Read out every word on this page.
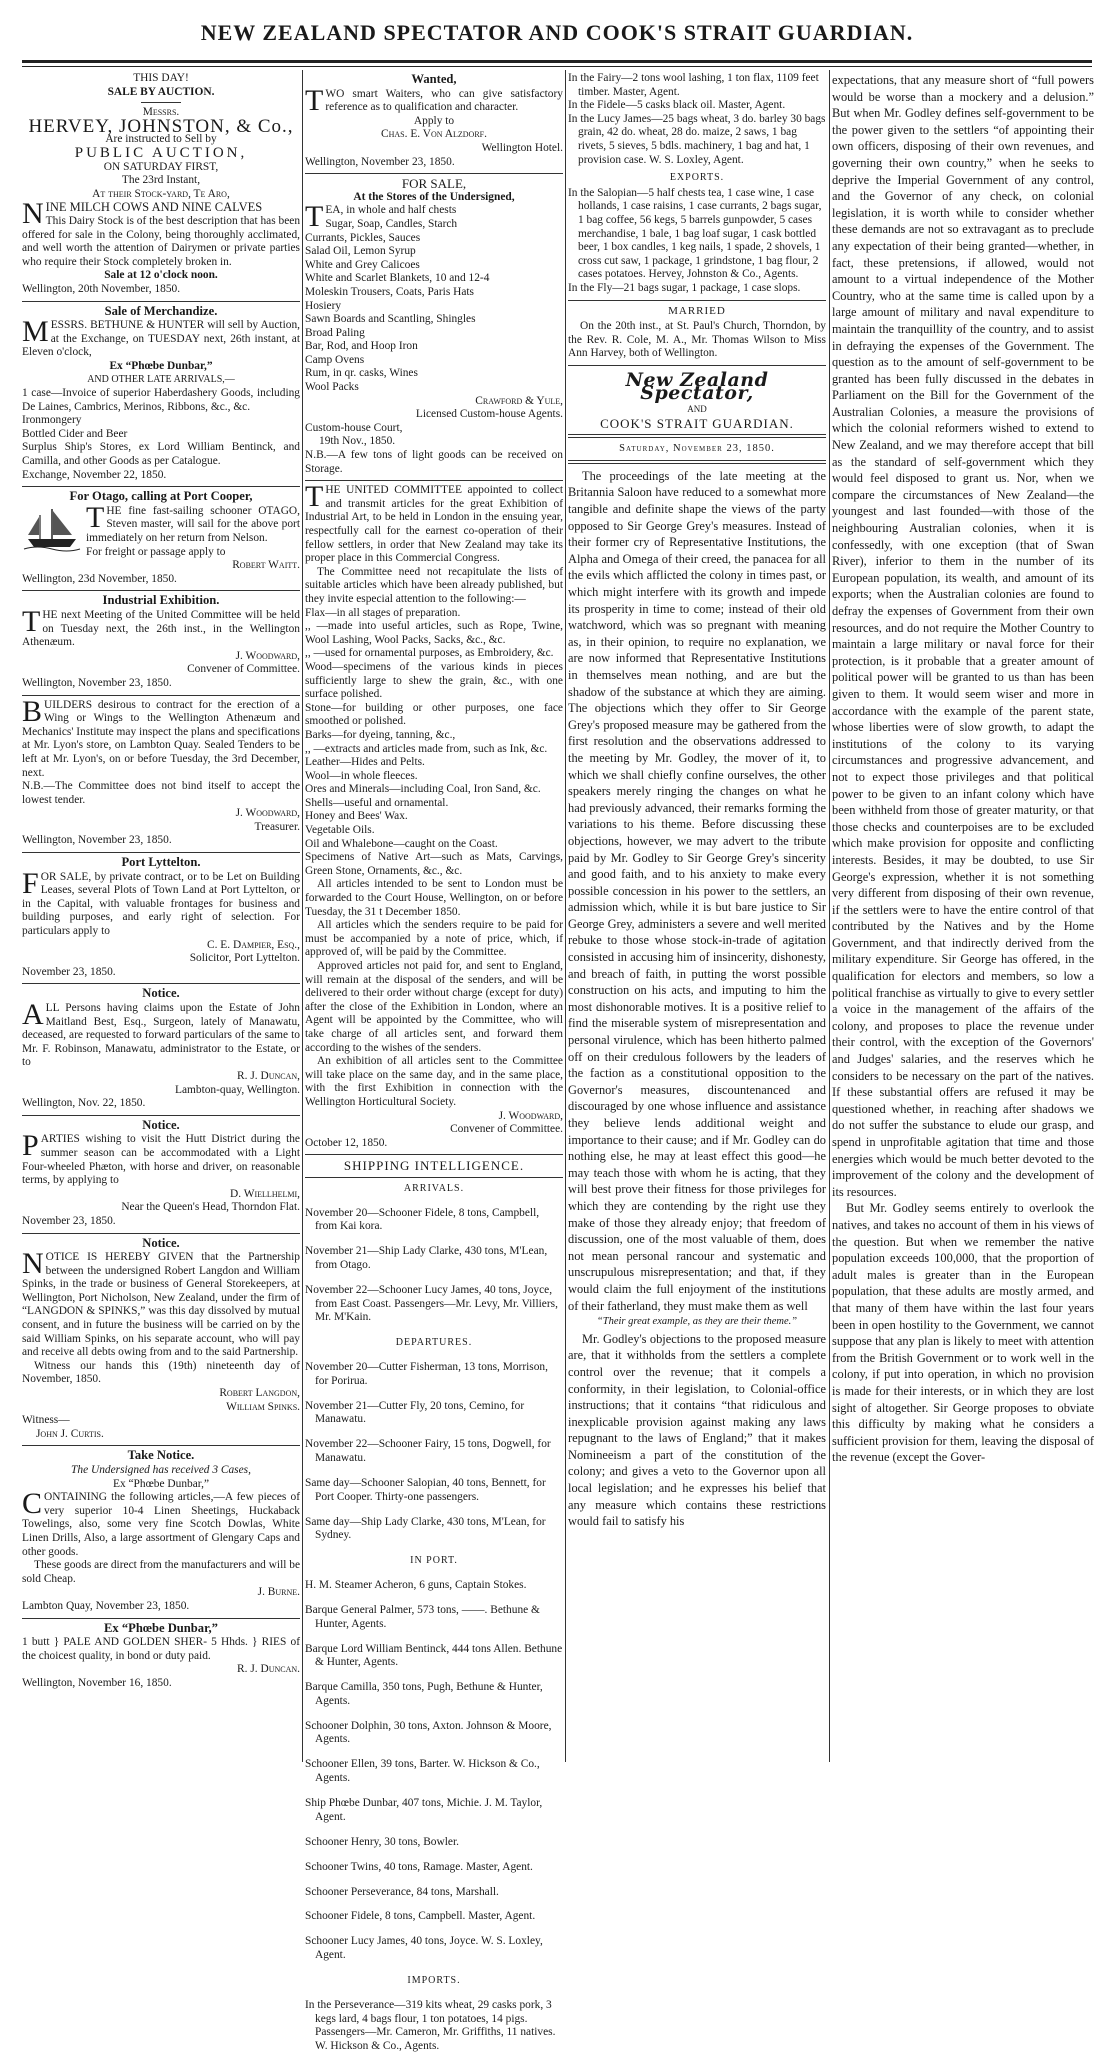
NEW ZEALAND SPECTATOR AND COOK'S STRAIT GUARDIAN.
THIS DAY!
SALE BY AUCTION.
Messrs.
HERVEY, JOHNSTON, & Co.,
Are instructed to Sell by
PUBLIC AUCTION,
ON SATURDAY FIRST,
The 23rd Instant,
At their Stock-yard, Te Aro,

NINE MILCH COWS AND NINE CALVES

This Dairy Stock is of the best description that has been offered for sale in the Colony, being thoroughly acclimated, and well worth the attention of Dairymen or private parties who require their Stock completely broken in.

Sale at 12 o'clock noon.
Wellington, 20th November, 1850.
Sale of Merchandize.

MESSRS. BETHUNE & HUNTER will sell by Auction, at the Exchange, on TUESDAY next, 26th instant, at Eleven o'clock,

Ex “Phœbe Dunbar,”
AND OTHER LATE ARRIVALS,—

1 case—Invoice of superior Haberdashery Goods, including De Laines, Cambrics, Merinos, Ribbons, &c., &c.

Ironmongery

Bottled Cider and Beer

Surplus Ship's Stores, ex Lord William Bentinck, and Camilla, and other Goods as per Catalogue.

Exchange, November 22, 1850.
For Otago, calling at Port Cooper,

THE fine fast-sailing schooner OTAGO, Steven master, will sail for the above port immediately on her return from Nelson.

For freight or passage apply to

Robert Waitt.
Wellington, 23d November, 1850.
Industrial Exhibition.

THE next Meeting of the United Committee will be held on Tuesday next, the 26th inst., in the Wellington Athenæum.

J. Woodward,
Convener of Committee.
Wellington, November 23, 1850.

BUILDERS desirous to contract for the erection of a Wing or Wings to the Wellington Athenæum and Mechanics' Institute may inspect the plans and specifications at Mr. Lyon's store, on Lambton Quay. Sealed Tenders to be left at Mr. Lyon's, on or before Tuesday, the 3rd December, next.

N.B.—The Committee does not bind itself to accept the lowest tender.

J. Woodward,
Treasurer.
Wellington, November 23, 1850.
Port Lyttelton.

FOR SALE, by private contract, or to be Let on Building Leases, several Plots of Town Land at Port Lyttelton, or in the Capital, with valuable frontages for business and building purposes, and early right of selection. For particulars apply to

C. E. Dampier, Esq.,
Solicitor, Port Lyttelton.
November 23, 1850.
Notice.

ALL Persons having claims upon the Estate of John Maitland Best, Esq., Surgeon, lately of Manawatu, deceased, are requested to forward particulars of the same to Mr. F. Robinson, Manawatu, administrator to the Estate, or to

R. J. Duncan,
Lambton-quay, Wellington.
Wellington, Nov. 22, 1850.
Notice.

PARTIES wishing to visit the Hutt District during the summer season can be accommodated with a Light Four-wheeled Phæton, with horse and driver, on reasonable terms, by applying to

D. Wiellhelmi,
Near the Queen's Head, Thorndon Flat.
November 23, 1850.
Notice.

NOTICE IS HEREBY GIVEN that the Partnership between the undersigned Robert Langdon and William Spinks, in the trade or business of General Storekeepers, at Wellington, Port Nicholson, New Zealand, under the firm of “LANGDON & SPINKS,” was this day dissolved by mutual consent, and in future the business will be carried on by the said William Spinks, on his separate account, who will pay and receive all debts owing from and to the said Partnership.

Witness our hands this (19th) nineteenth day of November, 1850.

Robert Langdon,
William Spinks.
Witness—
John J. Curtis.
Take Notice.
The Undersigned has received 3 Cases,
Ex “Phœbe Dunbar,”

CONTAINING the following articles,—A few pieces of very superior 10-4 Linen Sheetings, Huckaback Towelings, also, some very fine Scotch Dowlas, White Linen Drills, Also, a large assortment of Glengary Caps and other goods.

These goods are direct from the manufacturers and will be sold Cheap.

J. Burne.
Lambton Quay, November 23, 1850.
Ex “Phœbe Dunbar,”

1 butt } PALE AND GOLDEN SHER- 5 Hhds. } RIES of the choicest quality, in bond or duty paid.

R. J. Duncan.
Wellington, November 16, 1850.
Wanted,

TWO smart Waiters, who can give satisfactory reference as to qualification and character.

Apply to
Chas. E. Von Alzdorf.
Wellington Hotel.
Wellington, November 23, 1850.
FOR SALE,
At the Stores of the Undersigned,

TEA, in whole and half chests

Sugar, Soap, Candles, Starch

Currants, Pickles, Sauces

Salad Oil, Lemon Syrup

White and Grey Calicoes

White and Scarlet Blankets, 10 and 12-4

Moleskin Trousers, Coats, Paris Hats

Hosiery

Sawn Boards and Scantling, Shingles

Broad Paling

Bar, Rod, and Hoop Iron

Camp Ovens

Rum, in qr. casks, Wines

Wool Packs

Crawford & Yule,
Licensed Custom-house Agents.
Custom-house Court,
19th Nov., 1850.

N.B.—A few tons of light goods can be received on Storage.

THE UNITED COMMITTEE appointed to collect and transmit articles for the great Exhibition of Industrial Art, to be held in London in the ensuing year, respectfully call for the earnest co-operation of their fellow settlers, in order that New Zealand may take its proper place in this Commercial Congress.

The Committee need not recapitulate the lists of suitable articles which have been already published, but they invite especial attention to the following:—

Flax—in all stages of preparation.

,, —made into useful articles, such as Rope, Twine, Wool Lashing, Wool Packs, Sacks, &c., &c.

,, —used for ornamental purposes, as Embroidery, &c.

Wood—specimens of the various kinds in pieces sufficiently large to shew the grain, &c., with one surface polished.

Stone—for building or other purposes, one face smoothed or polished.

Barks—for dyeing, tanning, &c.,

,, —extracts and articles made from, such as Ink, &c.

Leather—Hides and Pelts.

Wool—in whole fleeces.

Ores and Minerals—including Coal, Iron Sand, &c.

Shells—useful and ornamental.

Honey and Bees' Wax.

Vegetable Oils.

Oil and Whalebone—caught on the Coast.

Specimens of Native Art—such as Mats, Carvings, Green Stone, Ornaments, &c., &c.

All articles intended to be sent to London must be forwarded to the Court House, Wellington, on or before Tuesday, the 31 t December 1850.

All articles which the senders require to be paid for must be accompanied by a note of price, which, if approved of, will be paid by the Committee.

Approved articles not paid for, and sent to England, will remain at the disposal of the senders, and will be delivered to their order without charge (except for duty) after the close of the Exhibition in London, where an Agent will be appointed by the Committee, who will take charge of all articles sent, and forward them according to the wishes of the senders.

An exhibition of all articles sent to the Committee will take place on the same day, and in the same place, with the first Exhibition in connection with the Wellington Horticultural Society.

J. Woodward,
Convener of Committee.
October 12, 1850.
SHIPPING INTELLIGENCE.
ARRIVALS.

November 20—Schooner Fidele, 8 tons, Campbell, from Kai kora.

November 21—Ship Lady Clarke, 430 tons, M'Lean, from Otago.

November 22—Schooner Lucy James, 40 tons, Joyce, from East Coast. Passengers—Mr. Levy, Mr. Villiers, Mr. M'Kain.

DEPARTURES.

November 20—Cutter Fisherman, 13 tons, Morrison, for Porirua.

November 21—Cutter Fly, 20 tons, Cemino, for Manawatu.

November 22—Schooner Fairy, 15 tons, Dogwell, for Manawatu.

Same day—Schooner Salopian, 40 tons, Bennett, for Port Cooper. Thirty-one passengers.

Same day—Ship Lady Clarke, 430 tons, M'Lean, for Sydney.

IN PORT.

H. M. Steamer Acheron, 6 guns, Captain Stokes.

Barque General Palmer, 573 tons, ——. Bethune & Hunter, Agents.

Barque Lord William Bentinck, 444 tons Allen. Bethune & Hunter, Agents.

Barque Camilla, 350 tons, Pugh, Bethune & Hunter, Agents.

Schooner Dolphin, 30 tons, Axton. Johnson & Moore, Agents.

Schooner Ellen, 39 tons, Barter. W. Hickson & Co., Agents.

Ship Phœbe Dunbar, 407 tons, Michie. J. M. Taylor, Agent.

Schooner Henry, 30 tons, Bowler.

Schooner Twins, 40 tons, Ramage. Master, Agent.

Schooner Perseverance, 84 tons, Marshall.

Schooner Fidele, 8 tons, Campbell. Master, Agent.

Schooner Lucy James, 40 tons, Joyce. W. S. Loxley, Agent.

IMPORTS.

In the Perseverance—319 kits wheat, 29 casks pork, 3 kegs lard, 4 bags flour, 1 ton potatoes, 14 pigs. Passengers—Mr. Cameron, Mr. Griffiths, 11 natives. W. Hickson & Co., Agents.

In the Fairy—2 tons wool lashing, 1 ton flax, 1109 feet timber. Master, Agent.

In the Fidele—5 casks black oil. Master, Agent.

In the Lucy James—25 bags wheat, 3 do. barley 30 bags grain, 42 do. wheat, 28 do. maize, 2 saws, 1 bag rivets, 5 sieves, 5 bdls. machinery, 1 bag and hat, 1 provision case. W. S. Loxley, Agent.

EXPORTS.

In the Salopian—5 half chests tea, 1 case wine, 1 case hollands, 1 case raisins, 1 case currants, 2 bags sugar, 1 bag coffee, 56 kegs, 5 barrels gunpowder, 5 cases merchandise, 1 bale, 1 bag loaf sugar, 1 cask bottled beer, 1 box candles, 1 keg nails, 1 spade, 2 shovels, 1 cross cut saw, 1 package, 1 grindstone, 1 bag flour, 2 cases potatoes. Hervey, Johnston & Co., Agents.

In the Fly—21 bags sugar, 1 package, 1 case slops.

MARRIED

On the 20th inst., at St. Paul's Church, Thorndon, by the Rev. R. Cole, M. A., Mr. Thomas Wilson to Miss Ann Harvey, both of Wellington.

New Zealand Spectator,
AND
COOK'S STRAIT GUARDIAN.
Saturday, November 23, 1850.

The proceedings of the late meeting at the Britannia Saloon have reduced to a somewhat more tangible and definite shape the views of the party opposed to Sir George Grey's measures. Instead of their former cry of Representative Institutions, the Alpha and Omega of their creed, the panacea for all the evils which afflicted the colony in times past, or which might interfere with its growth and impede its prosperity in time to come; instead of their old watchword, which was so pregnant with meaning as, in their opinion, to require no explanation, we are now informed that Representative Institutions in themselves mean nothing, and are but the shadow of the substance at which they are aiming. The objections which they offer to Sir George Grey's proposed measure may be gathered from the first resolution and the observations addressed to the meeting by Mr. Godley, the mover of it, to which we shall chiefly confine ourselves, the other speakers merely ringing the changes on what he had previously advanced, their remarks forming the variations to his theme. Before discussing these objections, however, we may advert to the tribute paid by Mr. Godley to Sir George Grey's sincerity and good faith, and to his anxiety to make every possible concession in his power to the settlers, an admission which, while it is but bare justice to Sir George Grey, administers a severe and well merited rebuke to those whose stock-in-trade of agitation consisted in accusing him of insincerity, dishonesty, and breach of faith, in putting the worst possible construction on his acts, and imputing to him the most dishonorable motives. It is a positive relief to find the miserable system of misrepresentation and personal virulence, which has been hitherto palmed off on their credulous followers by the leaders of the faction as a constitutional opposition to the Governor's measures, discountenanced and discouraged by one whose influence and assistance they believe lends additional weight and importance to their cause; and if Mr. Godley can do nothing else, he may at least effect this good—he may teach those with whom he is acting, that they will best prove their fitness for those privileges for which they are contending by the right use they make of those they already enjoy; that freedom of discussion, one of the most valuable of them, does not mean personal rancour and systematic and unscrupulous misrepresentation; and that, if they would claim the full enjoyment of the institutions of their fatherland, they must make them as well

“Their great example, as they are their theme.”

Mr. Godley's objections to the proposed measure are, that it withholds from the settlers a complete control over the revenue; that it compels a conformity, in their legislation, to Colonial-office instructions; that it contains “that ridiculous and inexplicable provision against making any laws repugnant to the laws of England;” that it makes Nomineeism a part of the constitution of the colony; and gives a veto to the Governor upon all local legislation; and he expresses his belief that any measure which contains these restrictions would fail to satisfy his

expectations, that any measure short of “full powers would be worse than a mockery and a delusion.” But when Mr. Godley defines self-government to be the power given to the settlers “of appointing their own officers, disposing of their own revenues, and governing their own country,” when he seeks to deprive the Imperial Government of any control, and the Governor of any check, on colonial legislation, it is worth while to consider whether these demands are not so extravagant as to preclude any expectation of their being granted—whether, in fact, these pretensions, if allowed, would not amount to a virtual independence of the Mother Country, who at the same time is called upon by a large amount of military and naval expenditure to maintain the tranquillity of the country, and to assist in defraying the expenses of the Government. The question as to the amount of self-government to be granted has been fully discussed in the debates in Parliament on the Bill for the Government of the Australian Colonies, a measure the provisions of which the colonial reformers wished to extend to New Zealand, and we may therefore accept that bill as the standard of self-government which they would feel disposed to grant us. Nor, when we compare the circumstances of New Zealand—the youngest and last founded—with those of the neighbouring Australian colonies, when it is confessedly, with one exception (that of Swan River), inferior to them in the number of its European population, its wealth, and amount of its exports; when the Australian colonies are found to defray the expenses of Government from their own resources, and do not require the Mother Country to maintain a large military or naval force for their protection, is it probable that a greater amount of political power will be granted to us than has been given to them. It would seem wiser and more in accordance with the example of the parent state, whose liberties were of slow growth, to adapt the institutions of the colony to its varying circumstances and progressive advancement, and not to expect those privileges and that political power to be given to an infant colony which have been withheld from those of greater maturity, or that those checks and counterpoises are to be excluded which make provision for opposite and conflicting interests. Besides, it may be doubted, to use Sir George's expression, whether it is not something very different from disposing of their own revenue, if the settlers were to have the entire control of that contributed by the Natives and by the Home Government, and that indirectly derived from the military expenditure. Sir George has offered, in the qualification for electors and members, so low a political franchise as virtually to give to every settler a voice in the management of the affairs of the colony, and proposes to place the revenue under their control, with the exception of the Governors' and Judges' salaries, and the reserves which he considers to be necessary on the part of the natives. If these substantial offers are refused it may be questioned whether, in reaching after shadows we do not suffer the substance to elude our grasp, and spend in unprofitable agitation that time and those energies which would be much better devoted to the improvement of the colony and the development of its resources.

But Mr. Godley seems entirely to overlook the natives, and takes no account of them in his views of the question. But when we remember the native population exceeds 100,000, that the proportion of adult males is greater than in the European population, that these adults are mostly armed, and that many of them have within the last four years been in open hostility to the Government, we cannot suppose that any plan is likely to meet with attention from the British Government or to work well in the colony, if put into operation, in which no provision is made for their interests, or in which they are lost sight of altogether. Sir George proposes to obviate this difficulty by making what he considers a sufficient provision for them, leaving the disposal of the revenue (except the Gover-
